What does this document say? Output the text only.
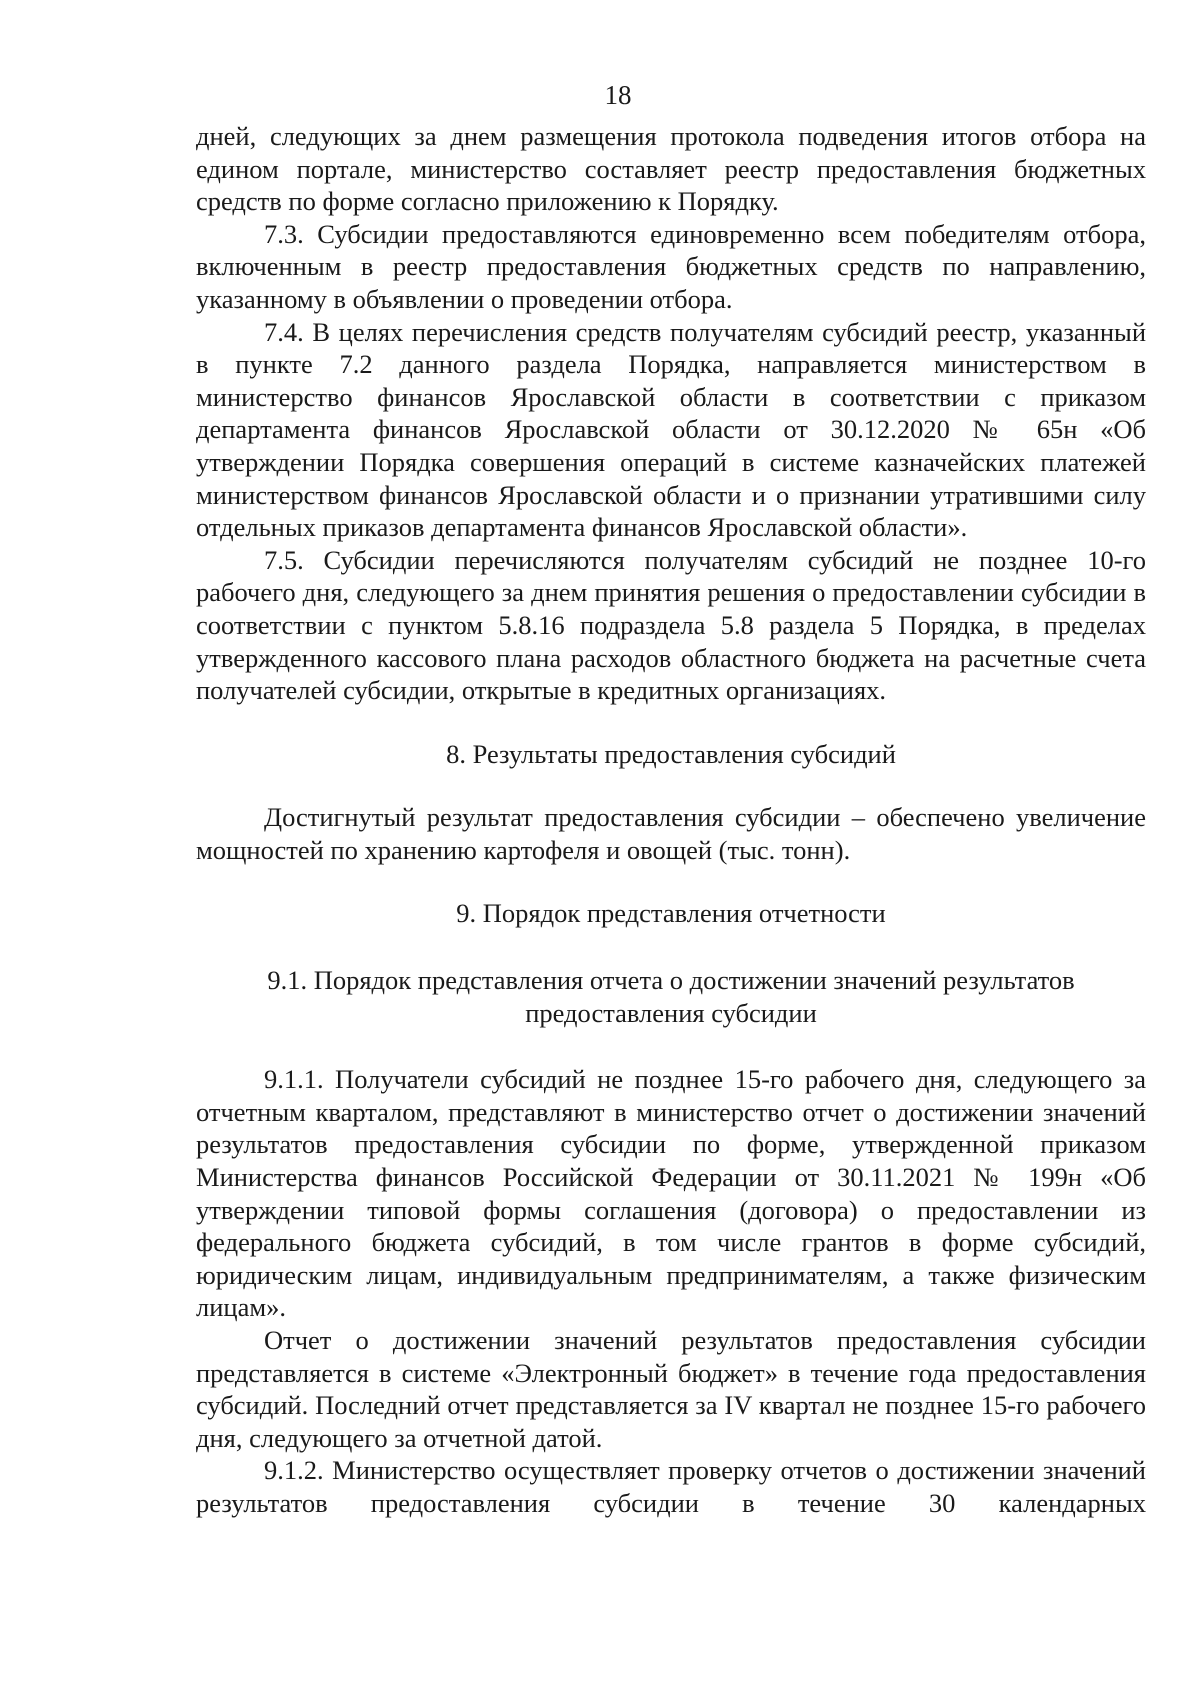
18

дней, следующих за днем размещения протокола подведения итогов отбора на едином портале, министерство составляет реестр предоставления бюджетных средств по форме согласно приложению к Порядку.

7.3. Субсидии предоставляются единовременно всем победителям отбора, включенным в реестр предоставления бюджетных средств по направлению, указанному в объявлении о проведении отбора.

7.4. В целях перечисления средств получателям субсидий реестр, указанный в пункте 7.2 данного раздела Порядка, направляется министерством в министерство финансов Ярославской области в соответствии с приказом департамента финансов Ярославской области от 30.12.2020 № 65н «Об утверждении Порядка совершения операций в системе казначейских платежей министерством финансов Ярославской области и о признании утратившими силу отдельных приказов департамента финансов Ярославской области».

7.5. Субсидии перечисляются получателям субсидий не позднее 10-го рабочего дня, следующего за днем принятия решения о предоставлении субсидии в соответствии с пунктом 5.8.16 подраздела 5.8 раздела 5 Порядка, в пределах утвержденного кассового плана расходов областного бюджета на расчетные счета получателей субсидии, открытые в кредитных организациях.

8. Результаты предоставления субсидий

Достигнутый результат предоставления субсидии – обеспечено увеличение мощностей по хранению картофеля и овощей (тыс. тонн).

9. Порядок представления отчетности

9.1. Порядок представления отчета о достижении значений результатов предоставления субсидии

9.1.1. Получатели субсидий не позднее 15-го рабочего дня, следующего за отчетным кварталом, представляют в министерство отчет о достижении значений результатов предоставления субсидии по форме, утвержденной приказом Министерства финансов Российской Федерации от 30.11.2021 № 199н «Об утверждении типовой формы соглашения (договора) о предоставлении из федерального бюджета субсидий, в том числе грантов в форме субсидий, юридическим лицам, индивидуальным предпринимателям, а также физическим лицам».

Отчет о достижении значений результатов предоставления субсидии представляется в системе «Электронный бюджет» в течение года предоставления субсидий. Последний отчет представляется за IV квартал не позднее 15-го рабочего дня, следующего за отчетной датой.

9.1.2. Министерство осуществляет проверку отчетов о достижении значений результатов предоставления субсидии в течение 30 календарных
